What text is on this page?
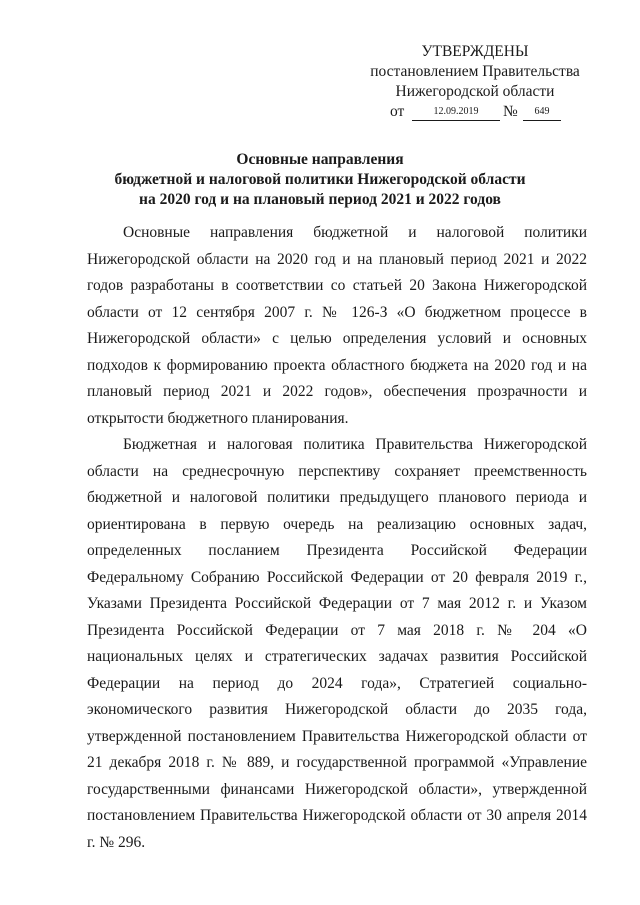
УТВЕРЖДЕНЫ
постановлением Правительства
Нижегородской области
от	12.09.2019	№	649
Основные направления
бюджетной и налоговой политики Нижегородской области
на 2020 год и на плановый период 2021 и 2022 годов

Основные направления бюджетной и налоговой политики Нижегородской области на 2020 год и на плановый период 2021 и 2022 годов разработаны в соответствии со статьей 20 Закона Нижегородской области от 12 сентября 2007 г. № 126-З «О бюджетном процессе в Нижегородской области» с целью определения условий и основных подходов к формированию проекта областного бюджета на 2020 год и на плановый период 2021 и 2022 годов», обеспечения прозрачности и открытости бюджетного планирования.

Бюджетная и налоговая политика Правительства Нижегородской области на среднесрочную перспективу сохраняет преемственность бюджетной и налоговой политики предыдущего планового периода и ориентирована в первую очередь на реализацию основных задач, определенных посланием Президента Российской Федерации Федеральному Собранию Российской Федерации от 20 февраля 2019 г., Указами Президента Российской Федерации от 7 мая 2012 г. и Указом Президента Российской Федерации от 7 мая 2018 г. № 204 «О национальных целях и стратегических задачах развития Российской Федерации на период до 2024 года», Стратегией социально-экономического развития Нижегородской области до 2035 года, утвержденной постановлением Правительства Нижегородской области от 21 декабря 2018 г. № 889, и государственной программой «Управление государственными финансами Нижегородской области», утвержденной постановлением Правительства Нижегородской области от 30 апреля 2014 г. № 296.
